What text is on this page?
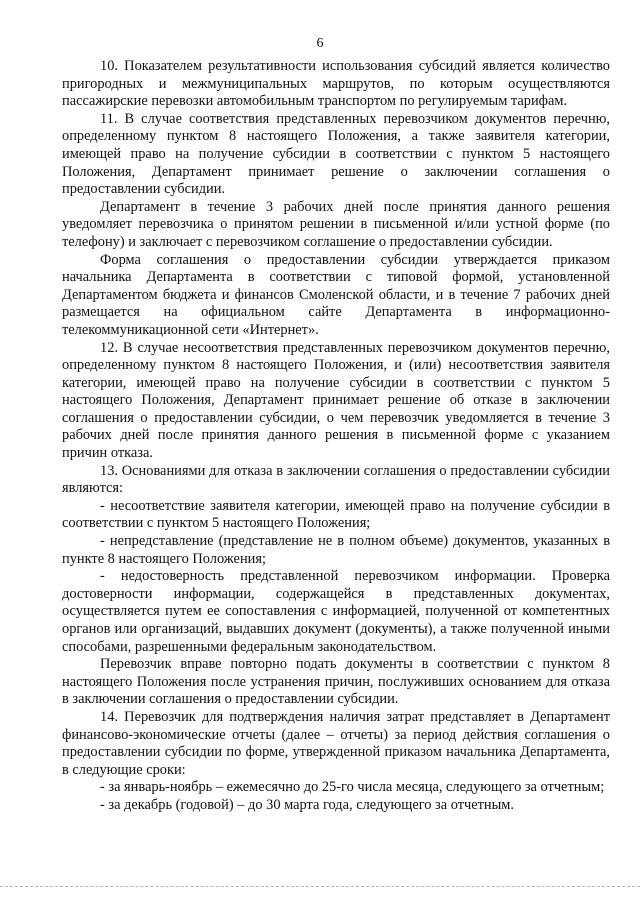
6

10. Показателем результативности использования субсидий является количество пригородных и межмуниципальных маршрутов, по которым осуществляются пассажирские перевозки автомобильным транспортом по регулируемым тарифам.

11. В случае соответствия представленных перевозчиком документов перечню, определенному пунктом 8 настоящего Положения, а также заявителя категории, имеющей право на получение субсидии в соответствии с пунктом 5 настоящего Положения, Департамент принимает решение о заключении соглашения о предоставлении субсидии.

Департамент в течение 3 рабочих дней после принятия данного решения уведомляет перевозчика о принятом решении в письменной и/или устной форме (по телефону) и заключает с перевозчиком соглашение о предоставлении субсидии.

Форма соглашения о предоставлении субсидии утверждается приказом начальника Департамента в соответствии с типовой формой, установленной Департаментом бюджета и финансов Смоленской области, и в течение 7 рабочих дней размещается на официальном сайте Департамента в информационно-телекоммуникационной сети «Интернет».

12. В случае несоответствия представленных перевозчиком документов перечню, определенному пунктом 8 настоящего Положения, и (или) несоответствия заявителя категории, имеющей право на получение субсидии в соответствии с пунктом 5 настоящего Положения, Департамент принимает решение об отказе в заключении соглашения о предоставлении субсидии, о чем перевозчик уведомляется в течение 3 рабочих дней после принятия данного решения в письменной форме с указанием причин отказа.

13. Основаниями для отказа в заключении соглашения о предоставлении субсидии являются:

- несоответствие заявителя категории, имеющей право на получение субсидии в соответствии с пунктом 5 настоящего Положения;

- непредставление (представление не в полном объеме) документов, указанных в пункте 8 настоящего Положения;

- недостоверность представленной перевозчиком информации. Проверка достоверности информации, содержащейся в представленных документах, осуществляется путем ее сопоставления с информацией, полученной от компетентных органов или организаций, выдавших документ (документы), а также полученной иными способами, разрешенными федеральным законодательством.

Перевозчик вправе повторно подать документы в соответствии с пунктом 8 настоящего Положения после устранения причин, послуживших основанием для отказа в заключении соглашения о предоставлении субсидии.

14. Перевозчик для подтверждения наличия затрат представляет в Департамент финансово-экономические отчеты (далее – отчеты) за период действия соглашения о предоставлении субсидии по форме, утвержденной приказом начальника Департамента, в следующие сроки:

- за январь-ноябрь – ежемесячно до 25-го числа месяца, следующего за отчетным;

- за декабрь (годовой) – до 30 марта года, следующего за отчетным.
